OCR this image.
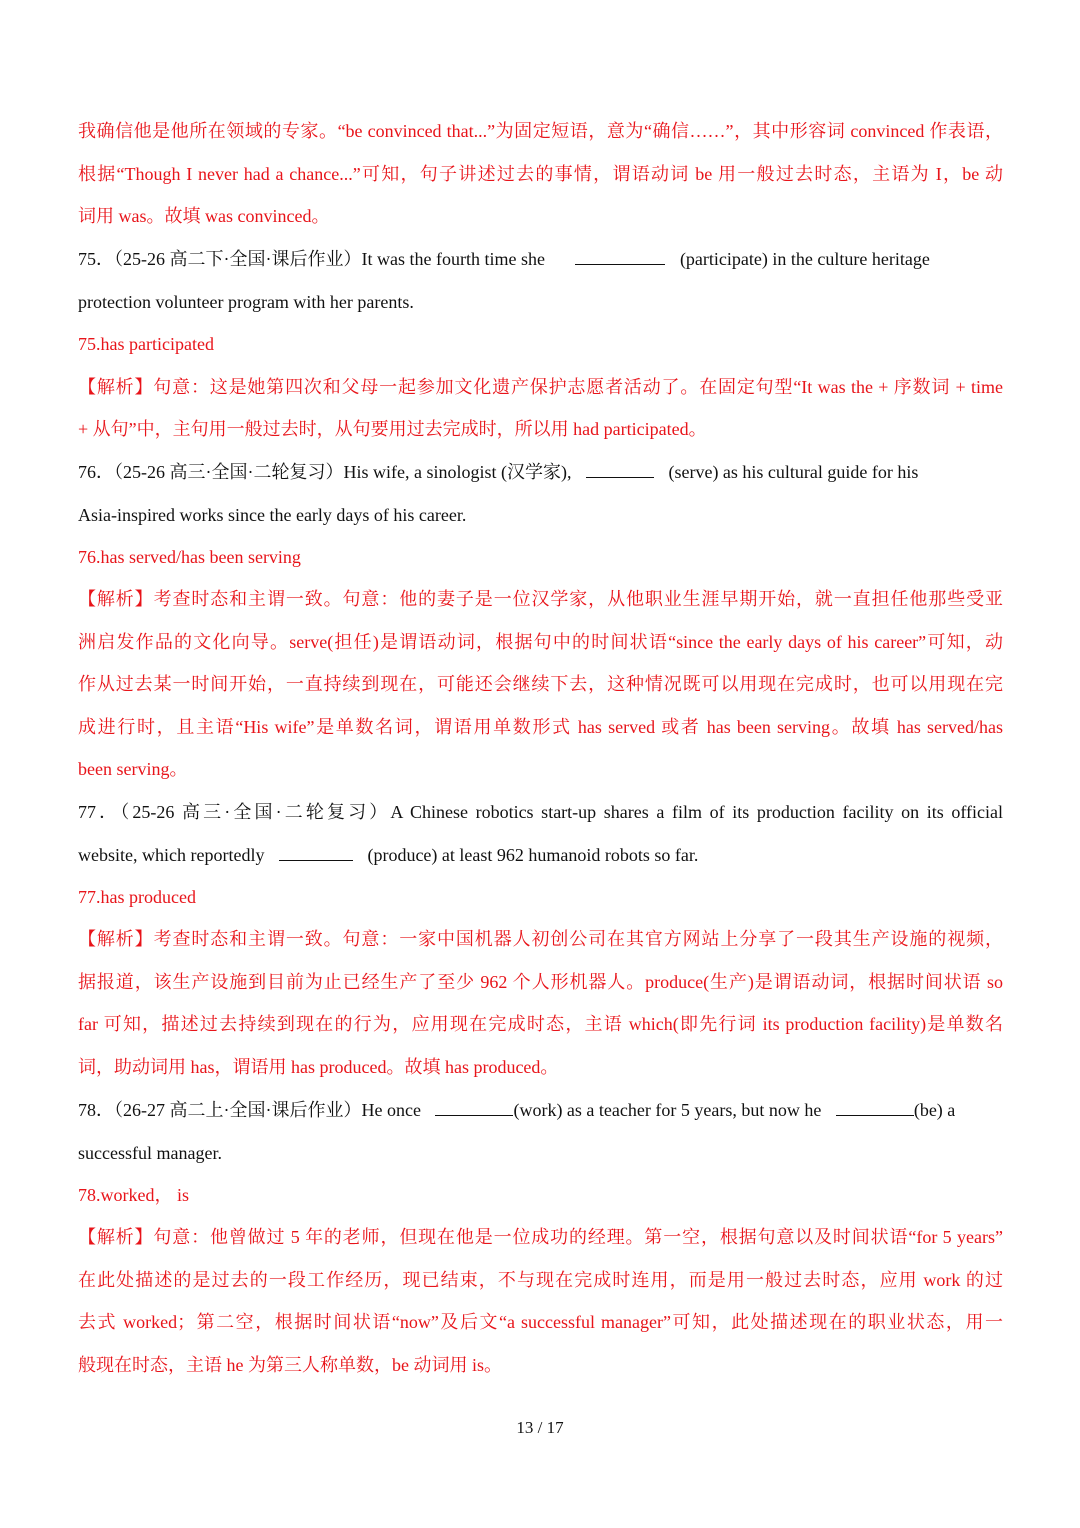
我确信他是他所在领域的专家。“be convinced that...”为固定短语，意为“确信……”，其中形容词 convinced 作表语，
根据“Though I never had a chance...”可知，句子讲述过去的事情，谓语动词 be 用一般过去时态，主语为 I，be 动
词用 was。故填 was convinced。
75．（25-26 高二下·全国·课后作业）It was the fourth time she	(participate) in the culture heritage
protection volunteer program with her parents.
75.has participated
【解析】句意：这是她第四次和父母一起参加文化遗产保护志愿者活动了。在固定句型“It was the + 序数词 + time
+ 从句”中，主句用一般过去时，从句要用过去完成时，所以用 had participated。
76．（25-26 高三·全国·二轮复习）His wife, a sinologist (汉学家),	(serve) as his cultural guide for his
Asia-inspired works since the early days of his career.
76.has served/has been serving
【解析】考查时态和主谓一致。句意：他的妻子是一位汉学家，从他职业生涯早期开始，就一直担任他那些受亚
洲启发作品的文化向导。serve(担任)是谓语动词，根据句中的时间状语“since the early days of his career”可知，动
作从过去某一时间开始，一直持续到现在，可能还会继续下去，这种情况既可以用现在完成时，也可以用现在完
成进行时，且主语“His wife”是单数名词，谓语用单数形式 has served 或者 has been serving。故填 has served/has
been serving。
77．（25-26 高三·全国·二轮复习）A Chinese robotics start-up shares a film of its production facility on its official
website, which reportedly	(produce) at least 962 humanoid robots so far.
77.has produced
【解析】考查时态和主谓一致。句意：一家中国机器人初创公司在其官方网站上分享了一段其生产设施的视频，
据报道，该生产设施到目前为止已经生产了至少 962 个人形机器人。produce(生产)是谓语动词，根据时间状语 so
far 可知，描述过去持续到现在的行为，应用现在完成时态，主语 which(即先行词 its production facility)是单数名
词，助动词用 has，谓语用 has produced。故填 has produced。
78．（26-27 高二上·全国·课后作业）He once	(work) as a teacher for 5 years, but now he	(be) a
successful manager.
78.worked， is
【解析】句意：他曾做过 5 年的老师，但现在他是一位成功的经理。第一空，根据句意以及时间状语“for 5 years”
在此处描述的是过去的一段工作经历，现已结束，不与现在完成时连用，而是用一般过去时态，应用 work 的过
去式 worked；第二空，根据时间状语“now”及后文“a successful manager”可知，此处描述现在的职业状态，用一
般现在时态，主语 he 为第三人称单数，be 动词用 is。
13 / 17
